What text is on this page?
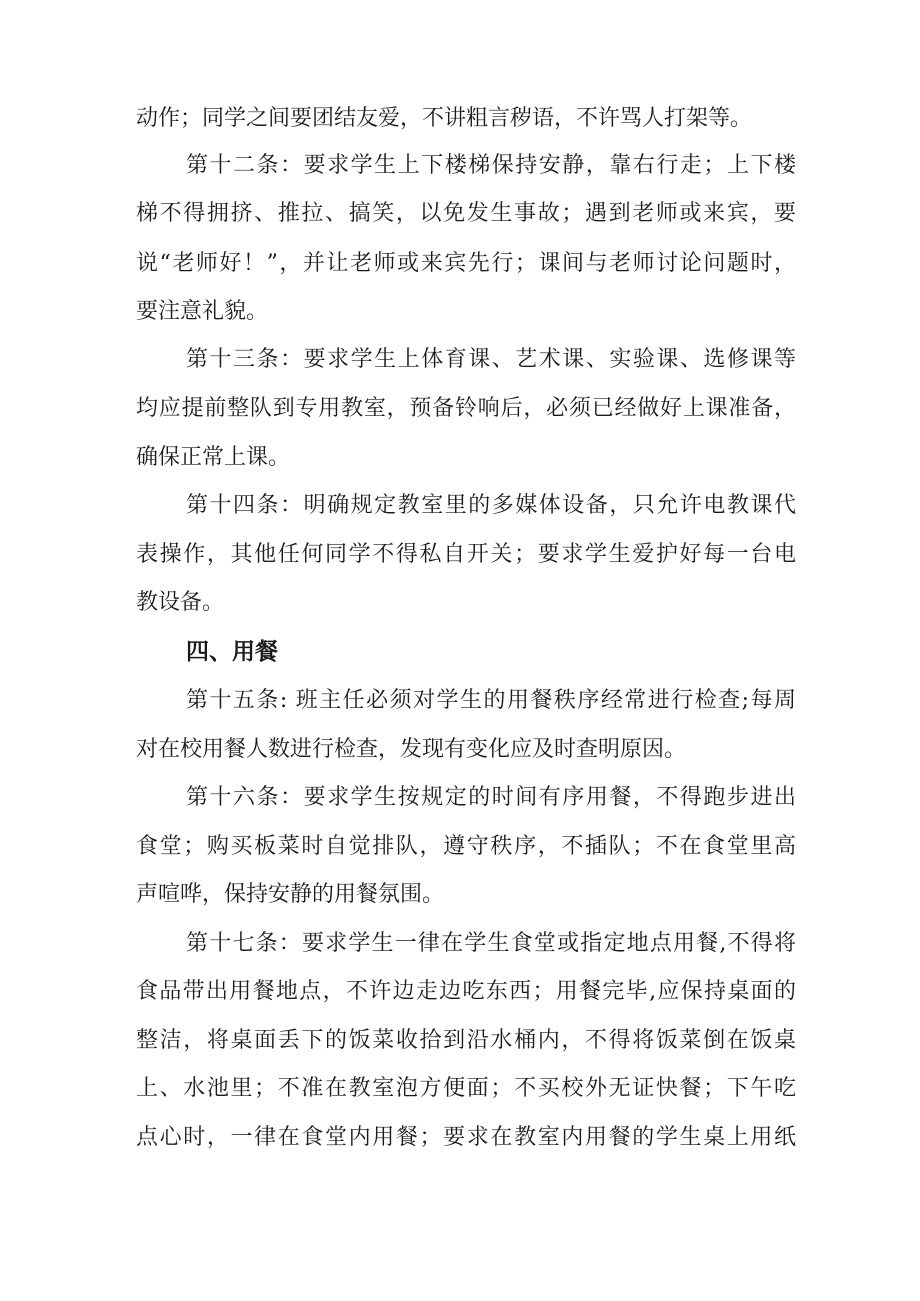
动作；同学之间要团结友爱，不讲粗言秽语，不许骂人打架等。
第十二条：要求学生上下楼梯保持安静，靠右行走；上下楼
梯不得拥挤、推拉、搞笑，以免发生事故；遇到老师或来宾，要
说“老师好！”，并让老师或来宾先行；课间与老师讨论问题时，
要注意礼貌。
第十三条：要求学生上体育课、艺术课、实验课、选修课等
均应提前整队到专用教室，预备铃响后，必须已经做好上课准备，
确保正常上课。
第十四条：明确规定教室里的多媒体设备，只允许电教课代
表操作，其他任何同学不得私自开关；要求学生爱护好每一台电
教设备。
四、用餐
第十五条: 班主任必须对学生的用餐秩序经常进行检查;每周
对在校用餐人数进行检查，发现有变化应及时查明原因。
第十六条：要求学生按规定的时间有序用餐，不得跑步进出
食堂；购买板菜时自觉排队，遵守秩序，不插队；不在食堂里高
声喧哗，保持安静的用餐氛围。
第十七条：要求学生一律在学生食堂或指定地点用餐,不得将
食品带出用餐地点，不许边走边吃东西；用餐完毕,应保持桌面的
整洁，将桌面丢下的饭菜收拾到沿水桶内，不得将饭菜倒在饭桌
上、水池里；不准在教室泡方便面；不买校外无证快餐；下午吃
点心时，一律在食堂内用餐；要求在教室内用餐的学生桌上用纸
